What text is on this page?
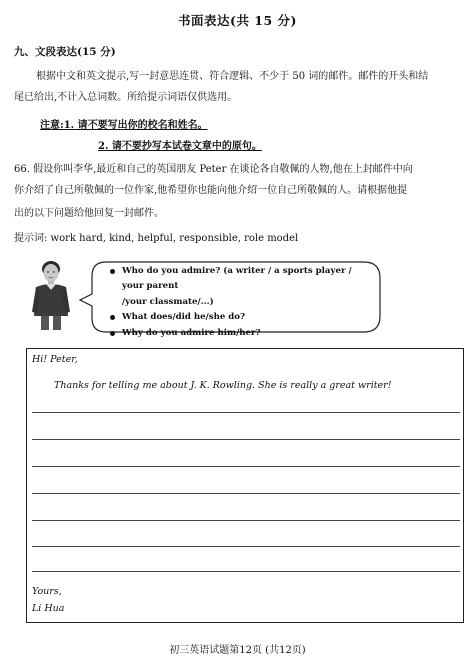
书面表达(共 15 分)
九、文段表达(15 分)
根据中文和英文提示,写一封意思连贯、符合逻辑、不少于 50 词的邮件。邮件的开头和结
尾已给出,不计入总词数。所给提示词语仅供选用。
注意:1. 请不要写出你的校名和姓名。
2. 请不要抄写本试卷文章中的原句。
66. 假设你叫李华,最近和自己的英国朋友 Peter 在谈论各自敬佩的人物,他在上封邮件中向
你介绍了自己所敬佩的一位作家,他希望你也能向他介绍一位自己所敬佩的人。请根据他提
出的以下问题给他回复一封邮件。
提示词: work hard, kind, helpful, responsible, role model
Who do you admire? (a writer / a sports player / your parent
/your classmate/...)
What does/did he/she do?
Why do you admire him/her?
Hi! Peter,
Thanks for telling me about J. K. Rowling. She is really a great writer!
Yours,
Li Hua
初三英语试题第12页 (共12页)
